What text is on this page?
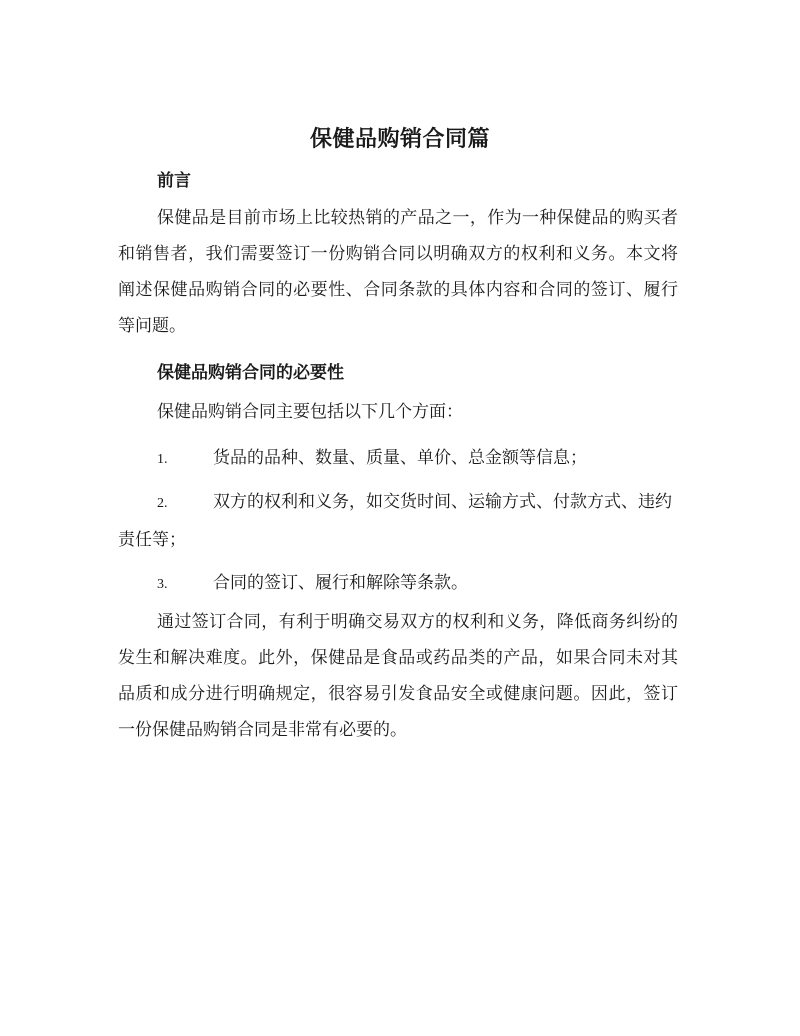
保健品购销合同篇
前言

保健品是目前市场上比较热销的产品之一，作为一种保健品的购买者和销售者，我们需要签订一份购销合同以明确双方的权利和义务。本文将阐述保健品购销合同的必要性、合同条款的具体内容和合同的签订、履行等问题。

保健品购销合同的必要性

保健品购销合同主要包括以下几个方面：

1.	货品的品种、数量、质量、单价、总金额等信息；

2.	双方的权利和义务，如交货时间、运输方式、付款方式、违约责任等；

3.	合同的签订、履行和解除等条款。

通过签订合同，有利于明确交易双方的权利和义务，降低商务纠纷的发生和解决难度。此外，保健品是食品或药品类的产品，如果合同未对其品质和成分进行明确规定，很容易引发食品安全或健康问题。因此，签订一份保健品购销合同是非常有必要的。
